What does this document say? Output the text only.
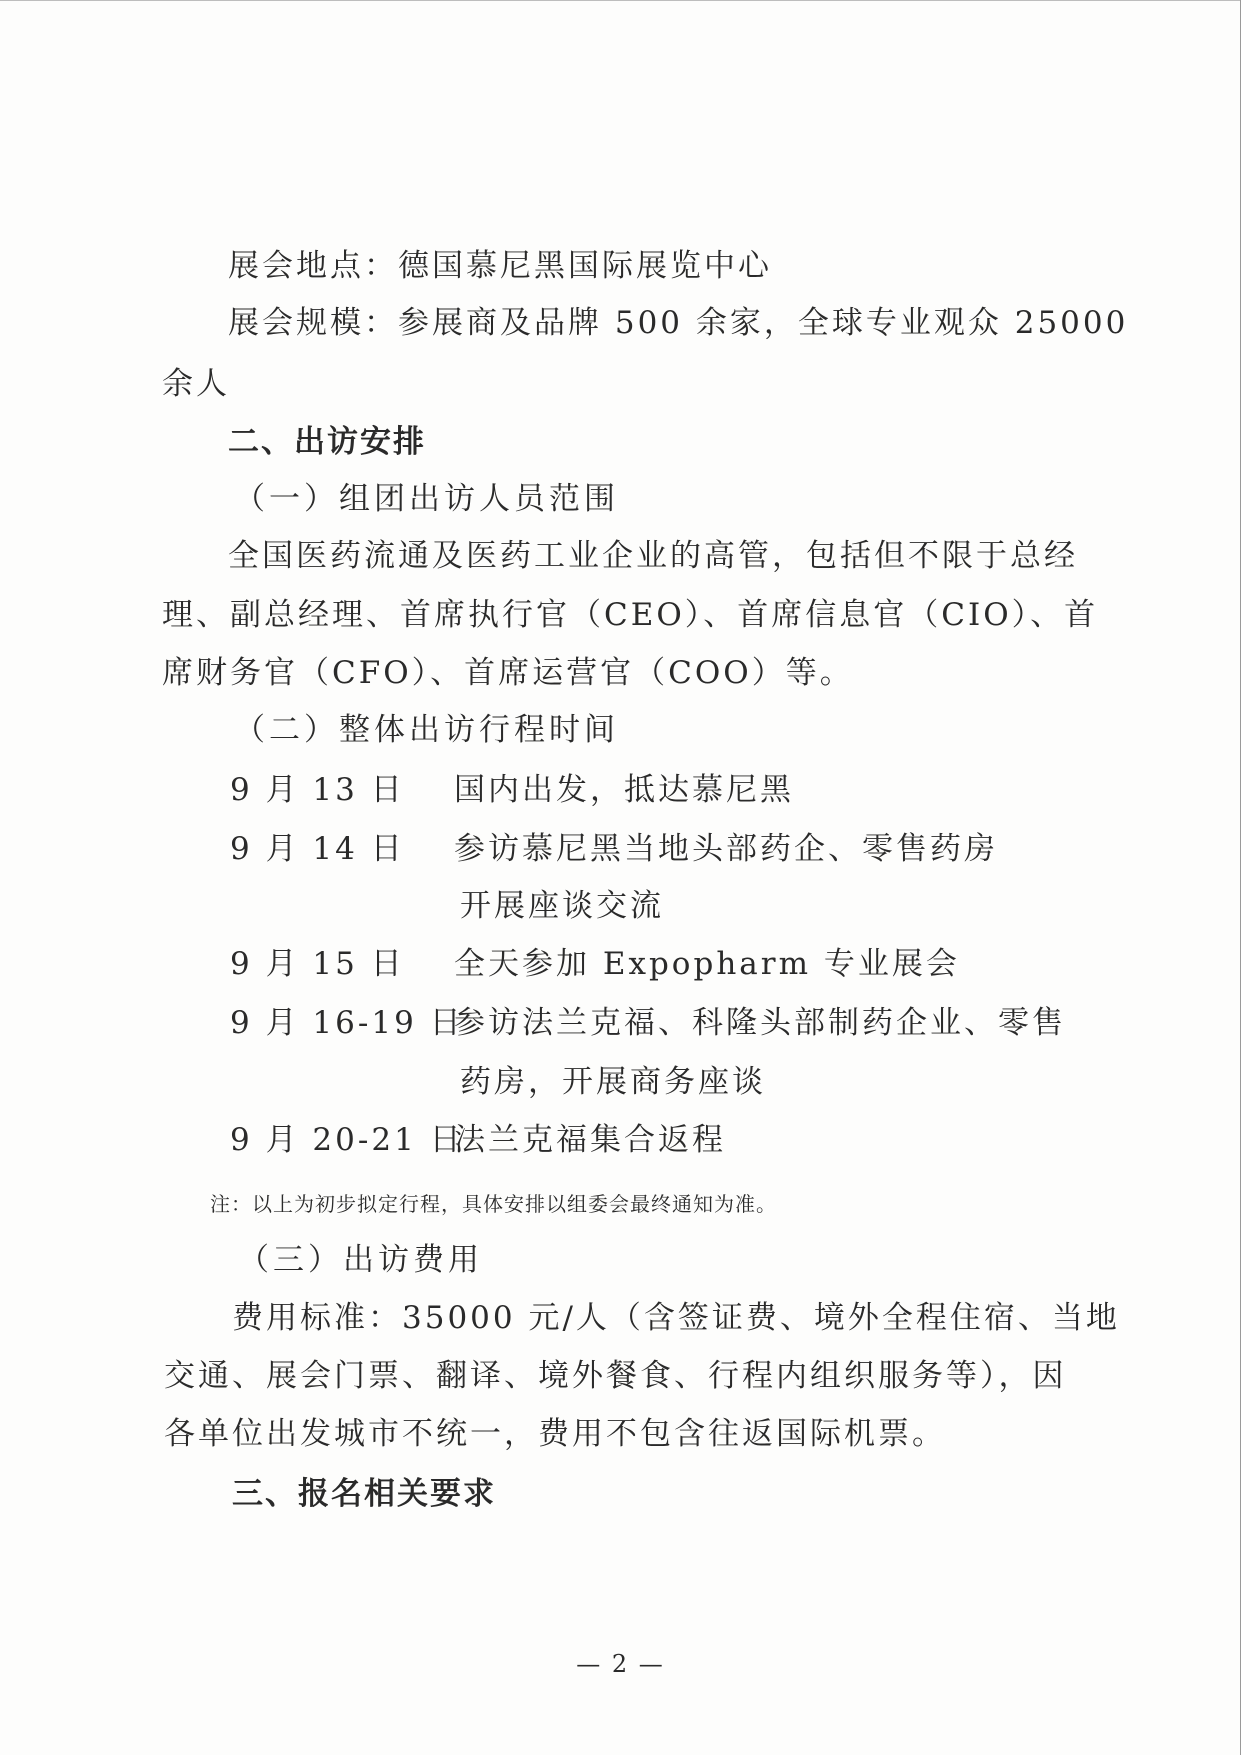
展会地点：德国慕尼黑国际展览中心
展会规模：参展商及品牌 500 余家，全球专业观众 25000
余人
二、出访安排
（一）组团出访人员范围
全国医药流通及医药工业企业的高管，包括但不限于总经
理、副总经理、首席执行官（CEO）、首席信息官（CIO）、首
席财务官（CFO）、首席运营官（COO）等。
（二）整体出访行程时间
9 月 13 日 国内出发，抵达慕尼黑
9 月 14 日 参访慕尼黑当地头部药企、零售药房
开展座谈交流
9 月 15 日 全天参加 Expopharm 专业展会
9 月 16-19 日
参访法兰克福、科隆头部制药企业、零售
药房，开展商务座谈
9 月 20-21 日
法兰克福集合返程
注：以上为初步拟定行程，具体安排以组委会最终通知为准。
（三）出访费用
费用标准：35000 元/人（含签证费、境外全程住宿、当地
交通、展会门票、翻译、境外餐食、行程内组织服务等），因
各单位出发城市不统一，费用不包含往返国际机票。
三、报名相关要求
— 2 —
